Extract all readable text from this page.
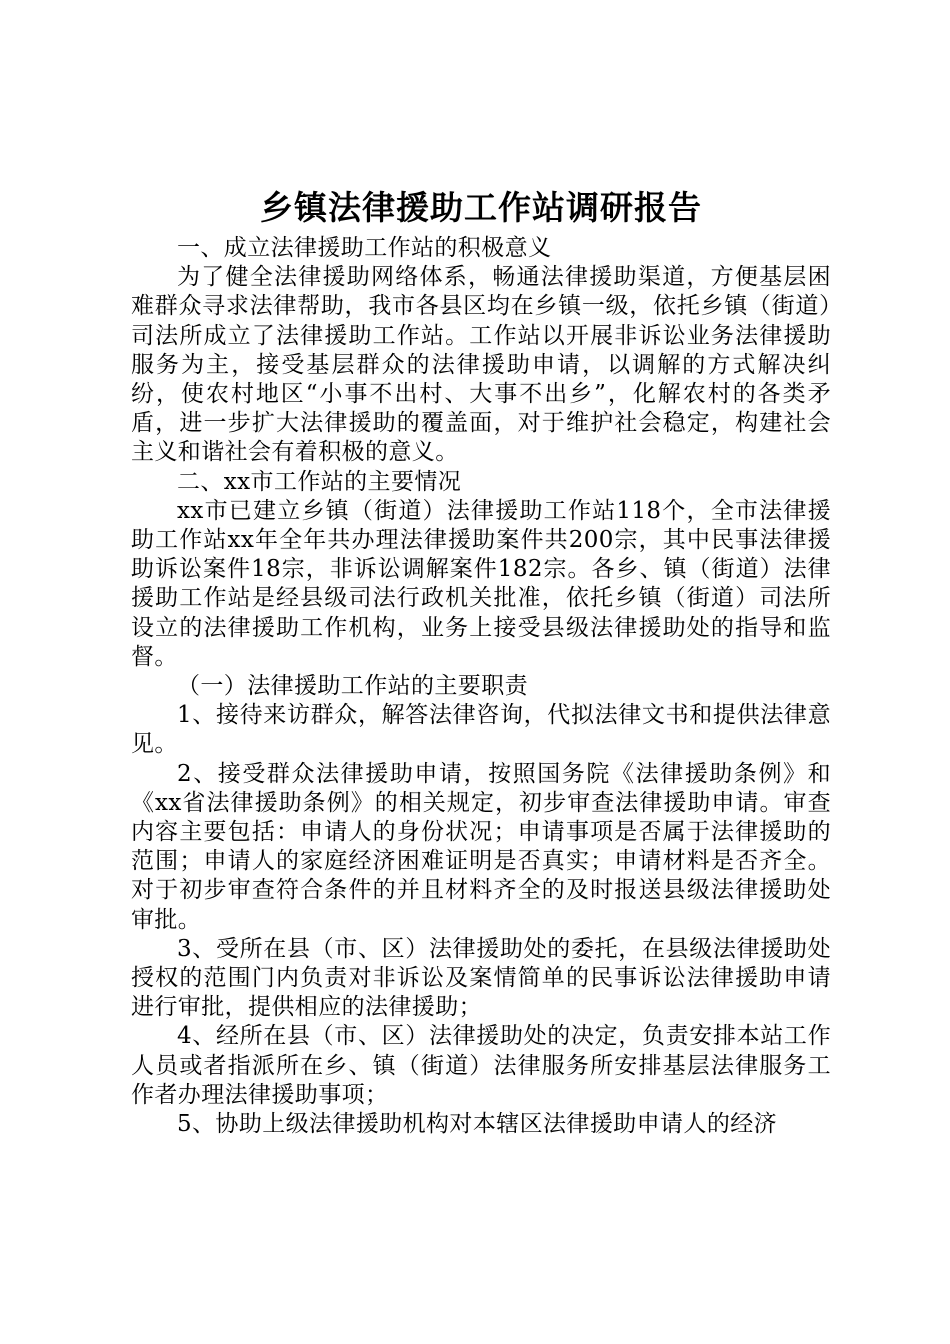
乡镇法律援助工作站调研报告

一、成立法律援助工作站的积极意义

为了健全法律援助网络体系，畅通法律援助渠道，方便基层困难群众寻求法律帮助，我市各县区均在乡镇一级，依托乡镇（街道）司法所成立了法律援助工作站。工作站以开展非诉讼业务法律援助服务为主，接受基层群众的法律援助申请，以调解的方式解决纠纷，使农村地区“小事不出村、大事不出乡”，化解农村的各类矛盾，进一步扩大法律援助的覆盖面，对于维护社会稳定，构建社会主义和谐社会有着积极的意义。

二、xx市工作站的主要情况

xx市已建立乡镇（街道）法律援助工作站118个，全市法律援助工作站xx年全年共办理法律援助案件共200宗，其中民事法律援助诉讼案件18宗，非诉讼调解案件182宗。各乡、镇（街道）法律援助工作站是经县级司法行政机关批准，依托乡镇（街道）司法所设立的法律援助工作机构，业务上接受县级法律援助处的指导和监督。

（一）法律援助工作站的主要职责

1、接待来访群众，解答法律咨询，代拟法律文书和提供法律意见。

2、接受群众法律援助申请，按照国务院《法律援助条例》和《xx省法律援助条例》的相关规定，初步审查法律援助申请。审查内容主要包括：申请人的身份状况；申请事项是否属于法律援助的范围；申请人的家庭经济困难证明是否真实；申请材料是否齐全。对于初步审查符合条件的并且材料齐全的及时报送县级法律援助处审批。

3、受所在县（市、区）法律援助处的委托，在县级法律援助处授权的范围门内负责对非诉讼及案情简单的民事诉讼法律援助申请进行审批，提供相应的法律援助；

4、经所在县（市、区）法律援助处的决定，负责安排本站工作人员或者指派所在乡、镇（街道）法律服务所安排基层法律服务工作者办理法律援助事项；

5、协助上级法律援助机构对本辖区法律援助申请人的经济
